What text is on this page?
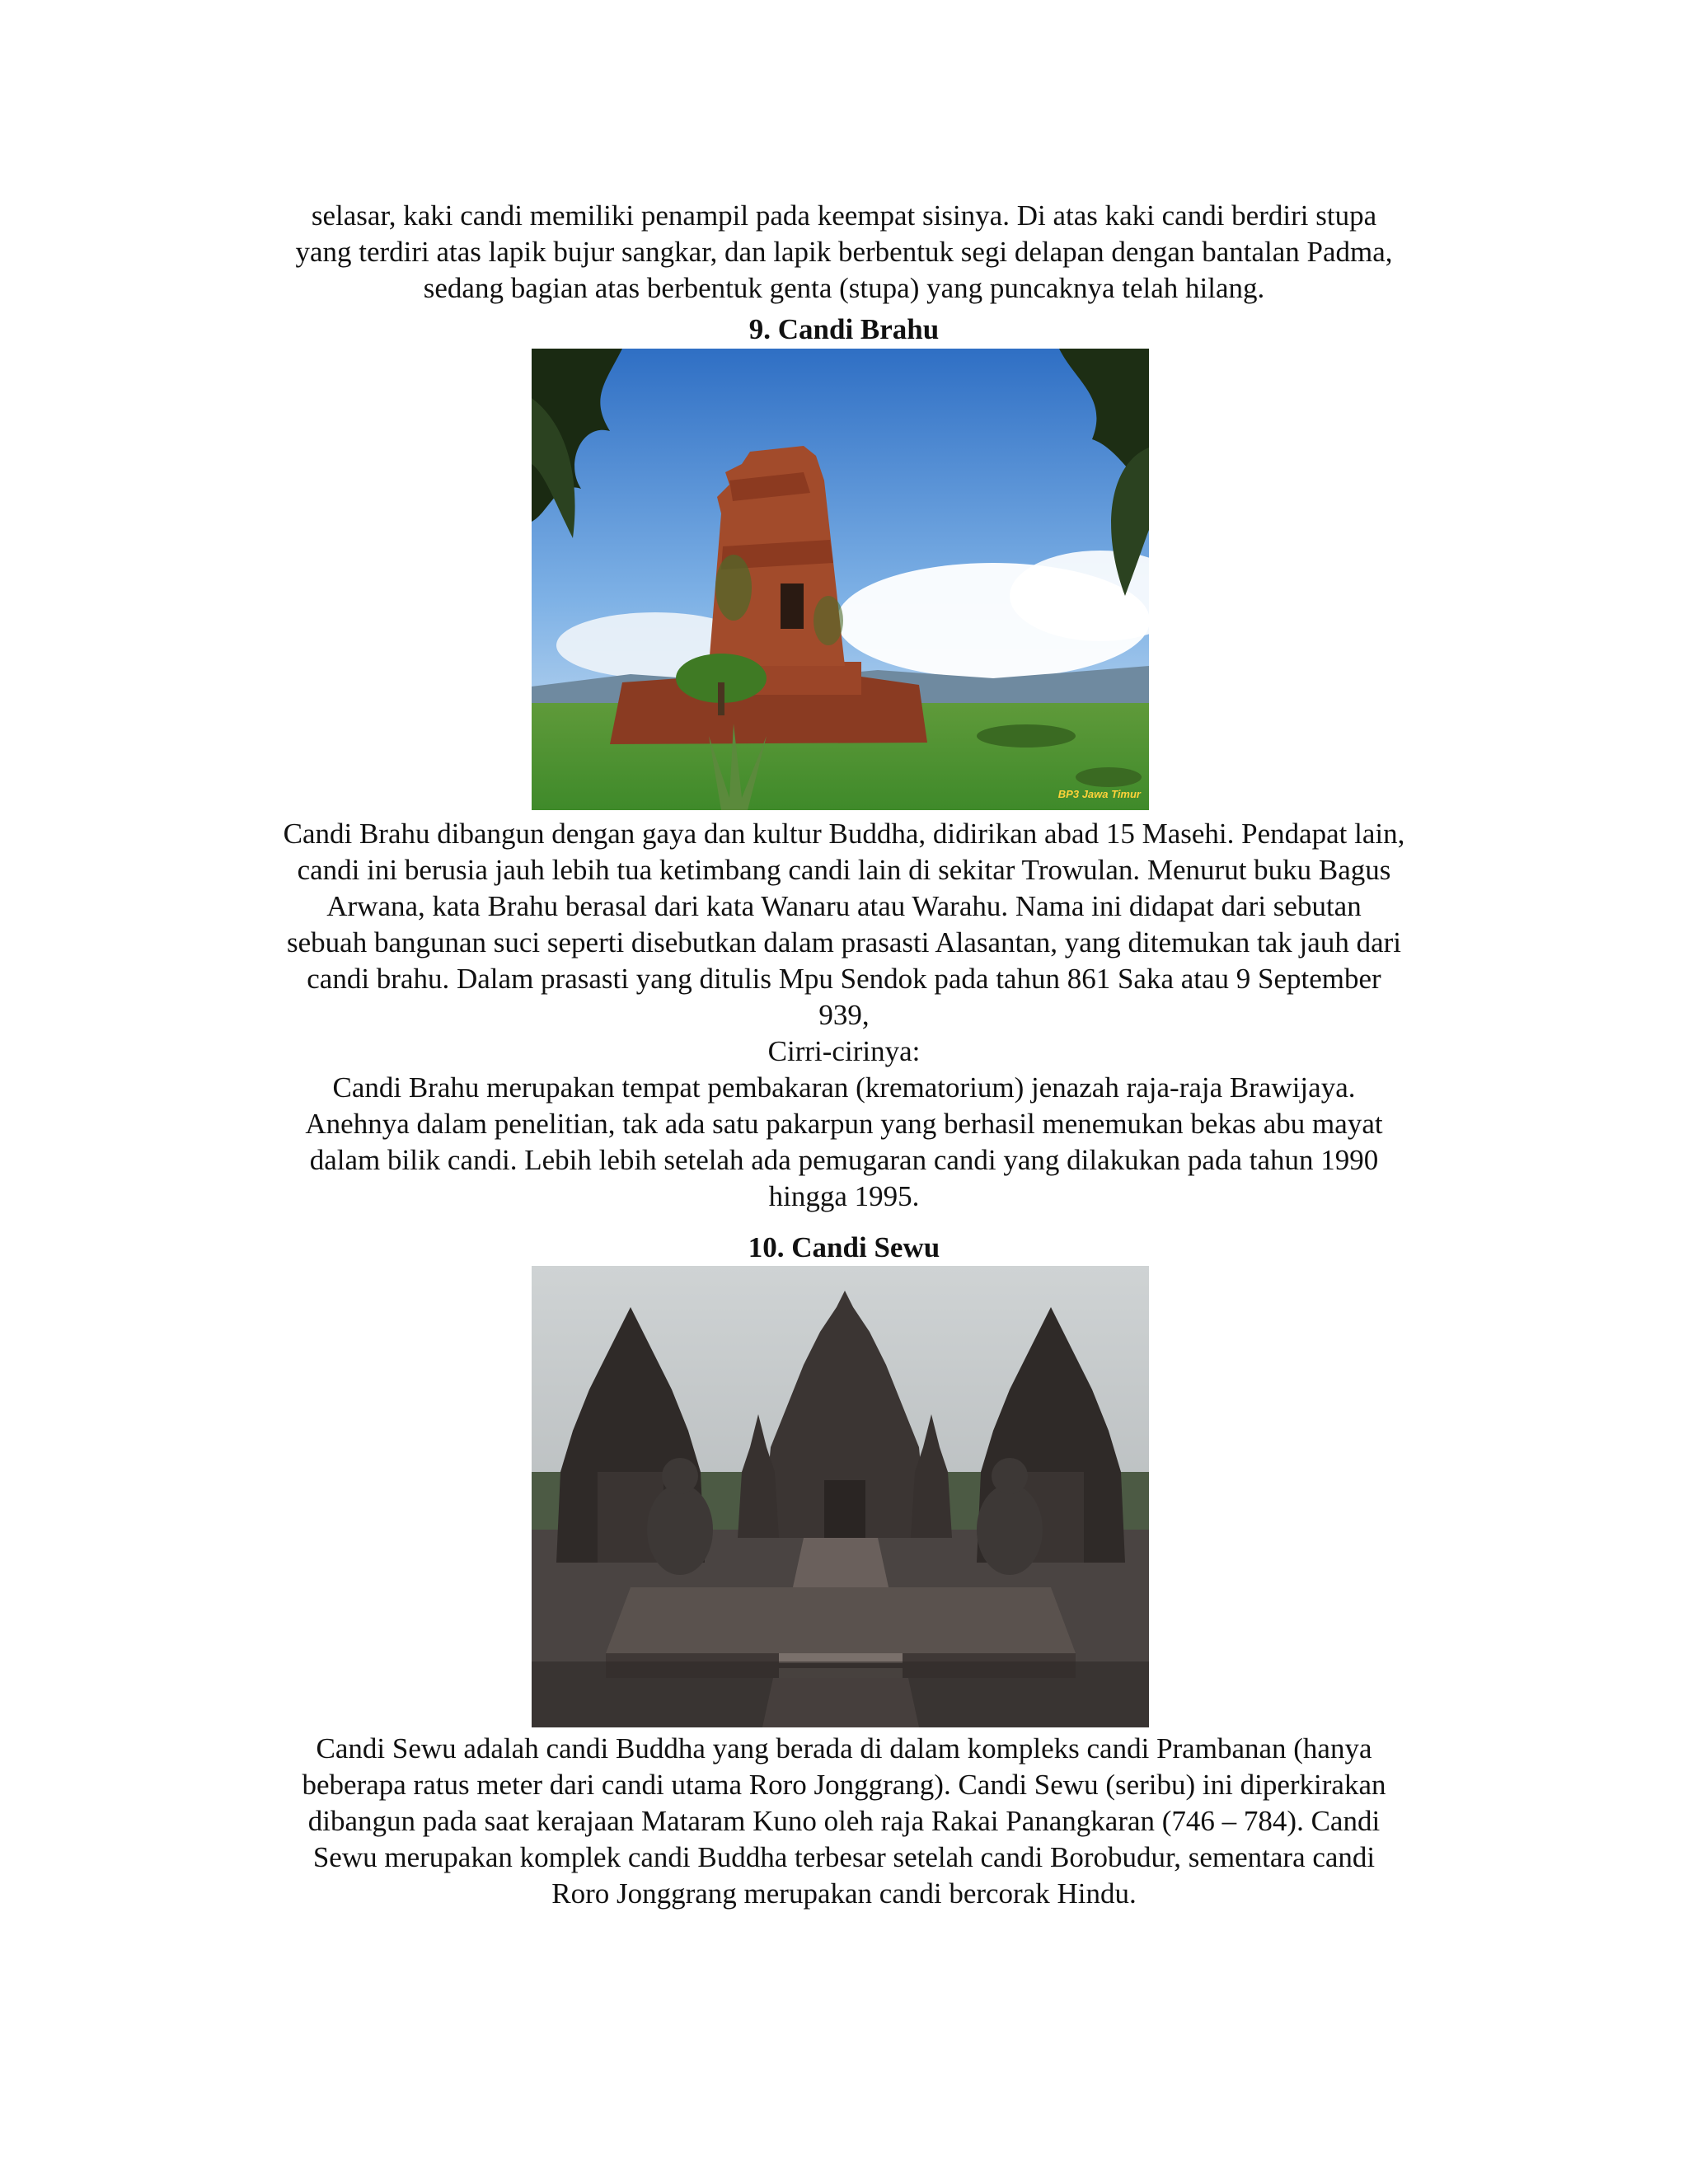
selasar, kaki candi memiliki penampil pada keempat sisinya. Di atas kaki candi berdiri stupa
yang terdiri atas lapik bujur sangkar, dan lapik berbentuk segi delapan dengan bantalan Padma,
sedang bagian atas berbentuk genta (stupa) yang puncaknya telah hilang.
9. Candi Brahu
BP3 Jawa Timur
Candi Brahu dibangun dengan gaya dan kultur Buddha, didirikan abad 15 Masehi. Pendapat lain,
candi ini berusia jauh lebih tua ketimbang candi lain di sekitar Trowulan. Menurut buku Bagus
Arwana, kata Brahu berasal dari kata Wanaru atau Warahu. Nama ini didapat dari sebutan
sebuah bangunan suci seperti disebutkan dalam prasasti Alasantan, yang ditemukan tak jauh dari
candi brahu. Dalam prasasti yang ditulis Mpu Sendok pada tahun 861 Saka atau 9 September
939,
Cirri-cirinya:
Candi Brahu merupakan tempat pembakaran (krematorium) jenazah raja-raja Brawijaya.
Anehnya dalam penelitian, tak ada satu pakarpun yang berhasil menemukan bekas abu mayat
dalam bilik candi. Lebih lebih setelah ada pemugaran candi yang dilakukan pada tahun 1990
hingga 1995.
10. Candi Sewu
Candi Sewu adalah candi Buddha yang berada di dalam kompleks candi Prambanan (hanya
beberapa ratus meter dari candi utama Roro Jonggrang). Candi Sewu (seribu) ini diperkirakan
dibangun pada saat kerajaan Mataram Kuno oleh raja Rakai Panangkaran (746 – 784). Candi
Sewu merupakan komplek candi Buddha terbesar setelah candi Borobudur, sementara candi
Roro Jonggrang merupakan candi bercorak Hindu.
